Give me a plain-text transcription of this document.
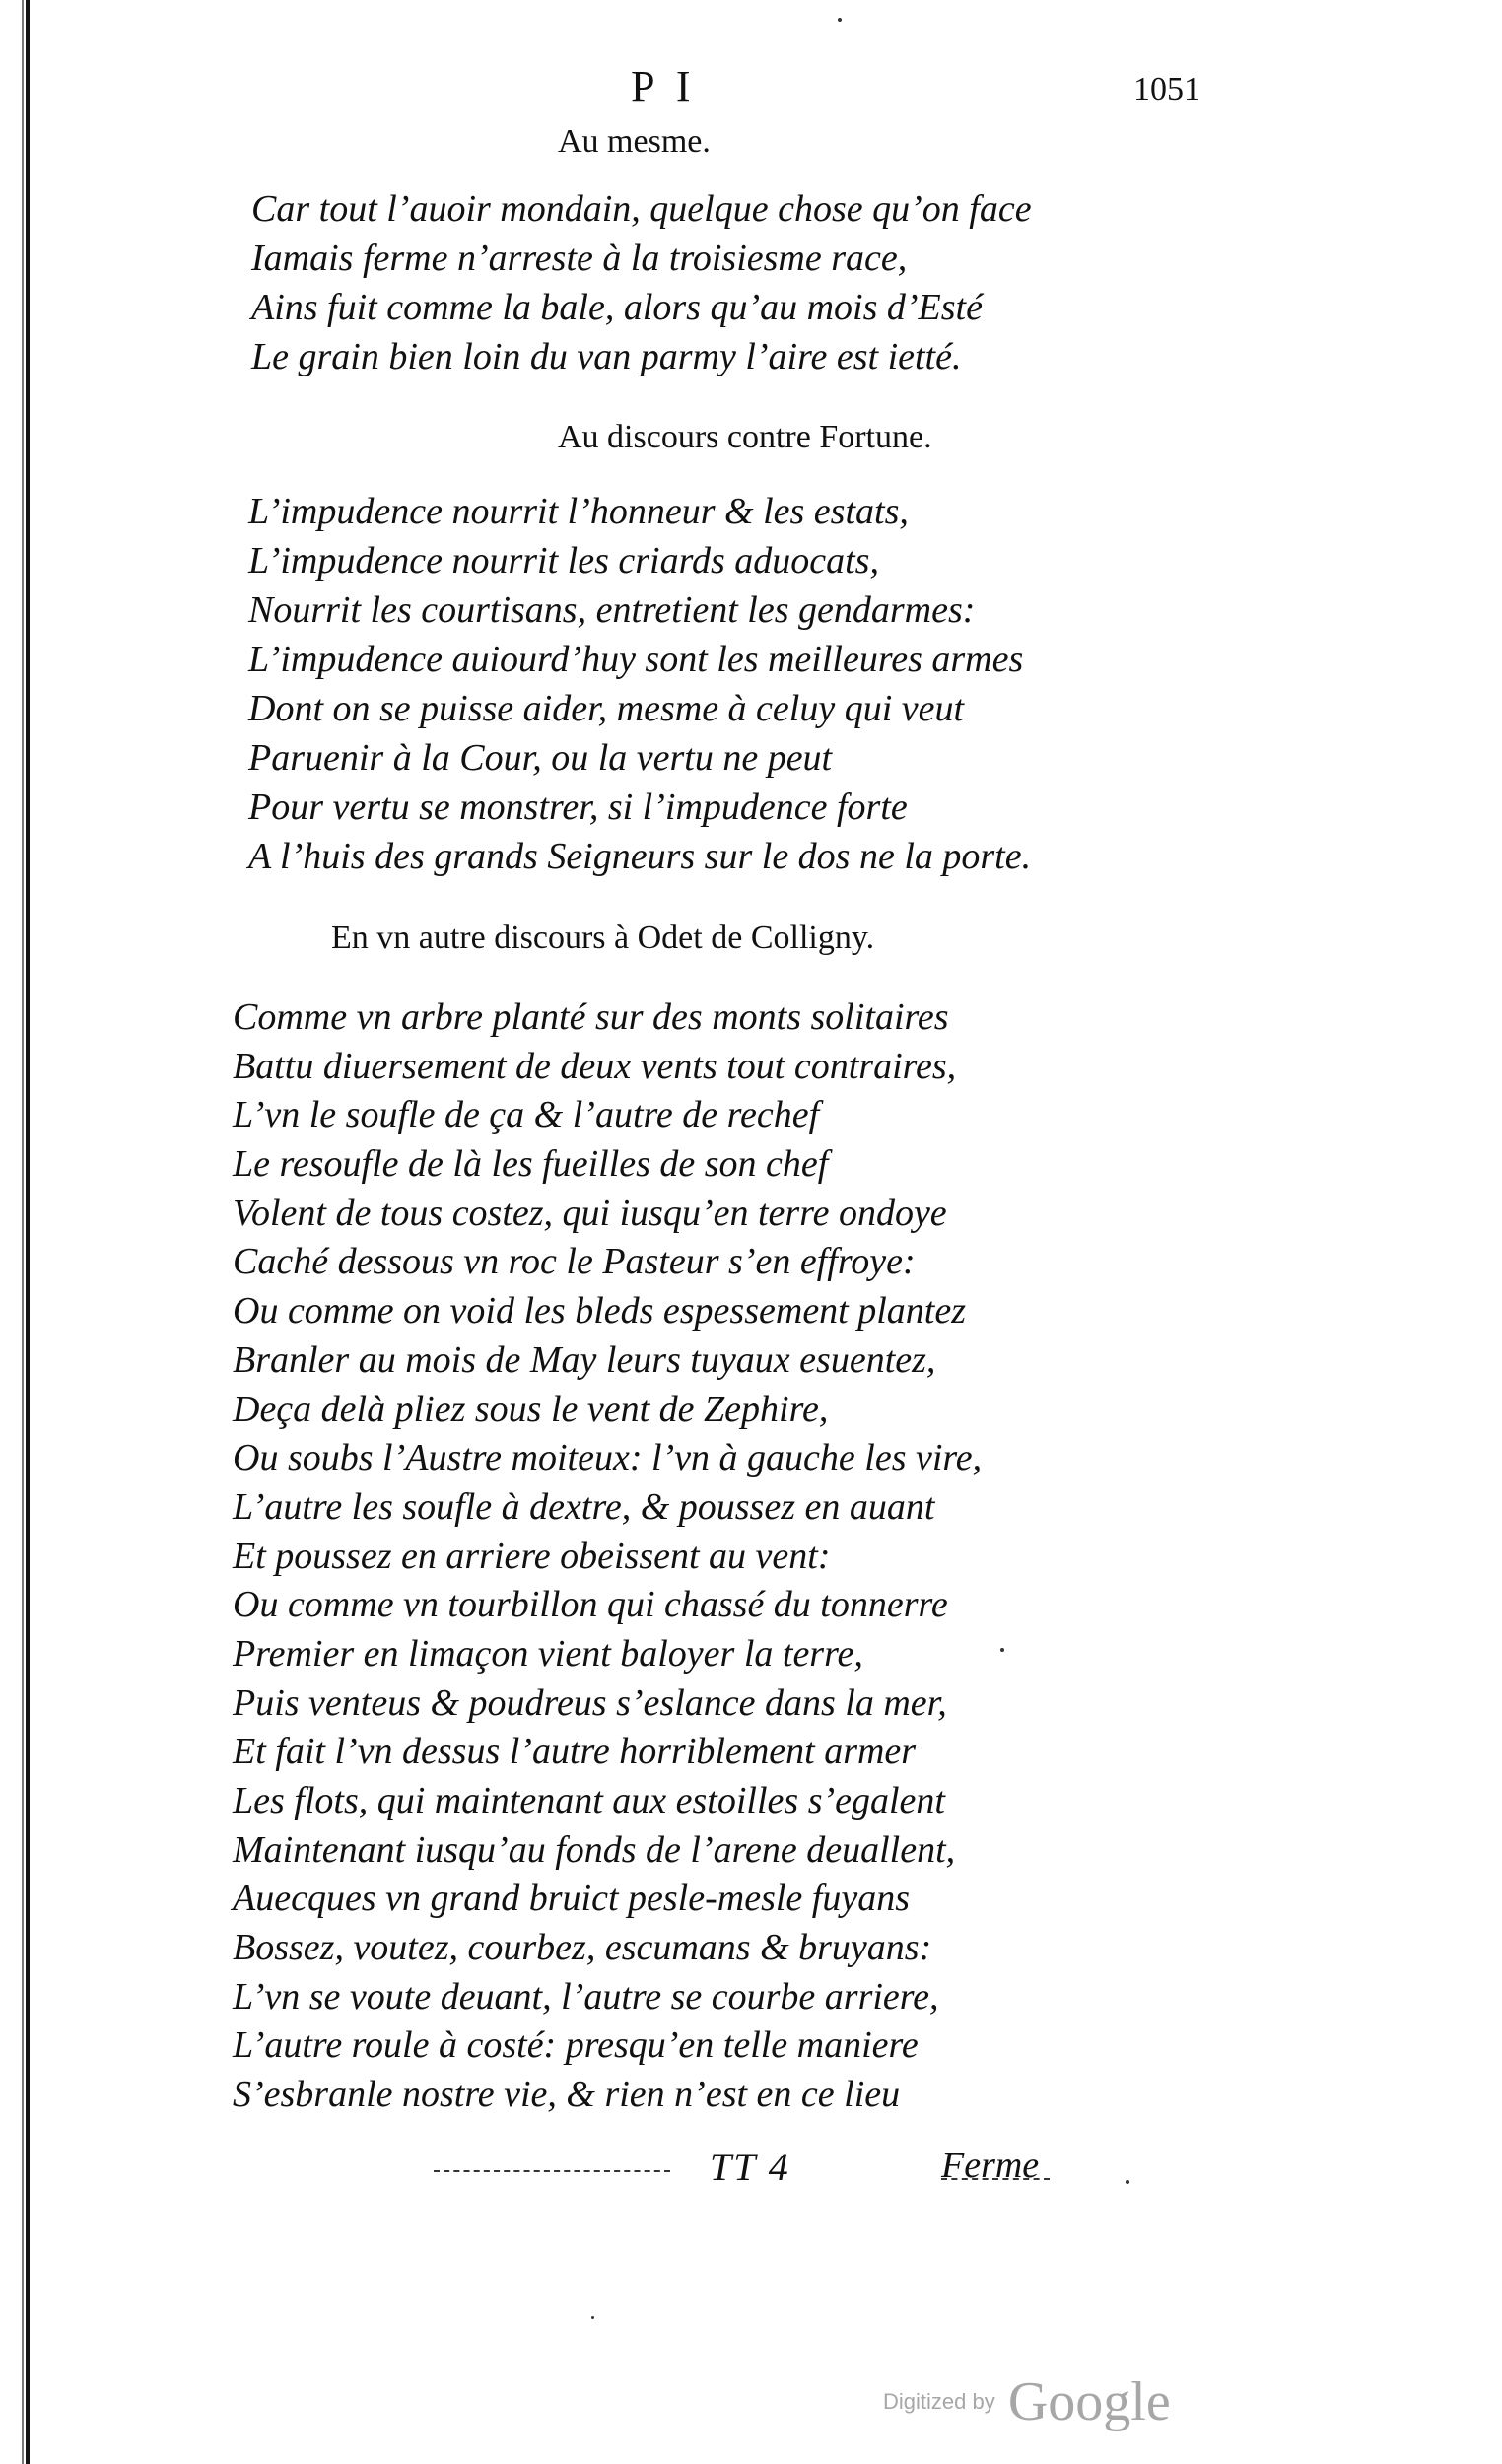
P I	1051
Au mesme.
Car tout l’auoir mondain, quelque chose qu’on face
Iamais ferme n’arreste à la troisiesme race,
Ains fuit comme la bale, alors qu’au mois d’Esté
Le grain bien loin du van parmy l’aire est ietté.
Au discours contre Fortune.
L’impudence nourrit l’honneur & les estats,
L’impudence nourrit les criards aduocats,
Nourrit les courtisans, entretient les gendarmes:
L’impudence auiourd’huy sont les meilleures armes
Dont on se puisse aider, mesme à celuy qui veut
Paruenir à la Cour, ou la vertu ne peut
Pour vertu se monstrer, si l’impudence forte
A l’huis des grands Seigneurs sur le dos ne la porte.
En vn autre discours à Odet de Colligny.
Comme vn arbre planté sur des monts solitaires
Battu diuersement de deux vents tout contraires,
L’vn le soufle de ça & l’autre de rechef
Le resoufle de là les fueilles de son chef
Volent de tous costez, qui iusqu’en terre ondoye
Caché dessous vn roc le Pasteur s’en effroye:
Ou comme on void les bleds espessement plantez
Branler au mois de May leurs tuyaux esuentez,
Deça delà pliez sous le vent de Zephire,
Ou soubs l’Austre moiteux: l’vn à gauche les vire,
L’autre les soufle à dextre, & poussez en auant
Et poussez en arriere obeissent au vent:
Ou comme vn tourbillon qui chassé du tonnerre
Premier en limaçon vient baloyer la terre,
Puis venteus & poudreus s’eslance dans la mer,
Et fait l’vn dessus l’autre horriblement armer
Les flots, qui maintenant aux estoilles s’egalent
Maintenant iusqu’au fonds de l’arene deuallent,
Auecques vn grand bruict pesle-mesle fuyans
Bossez, voutez, courbez, escumans & bruyans:
L’vn se voute deuant, l’autre se courbe arriere,
L’autre roule à costé: presqu’en telle maniere
S’esbranle nostre vie, & rien n’est en ce lieu
TT 4	Ferme
Digitized by Google
